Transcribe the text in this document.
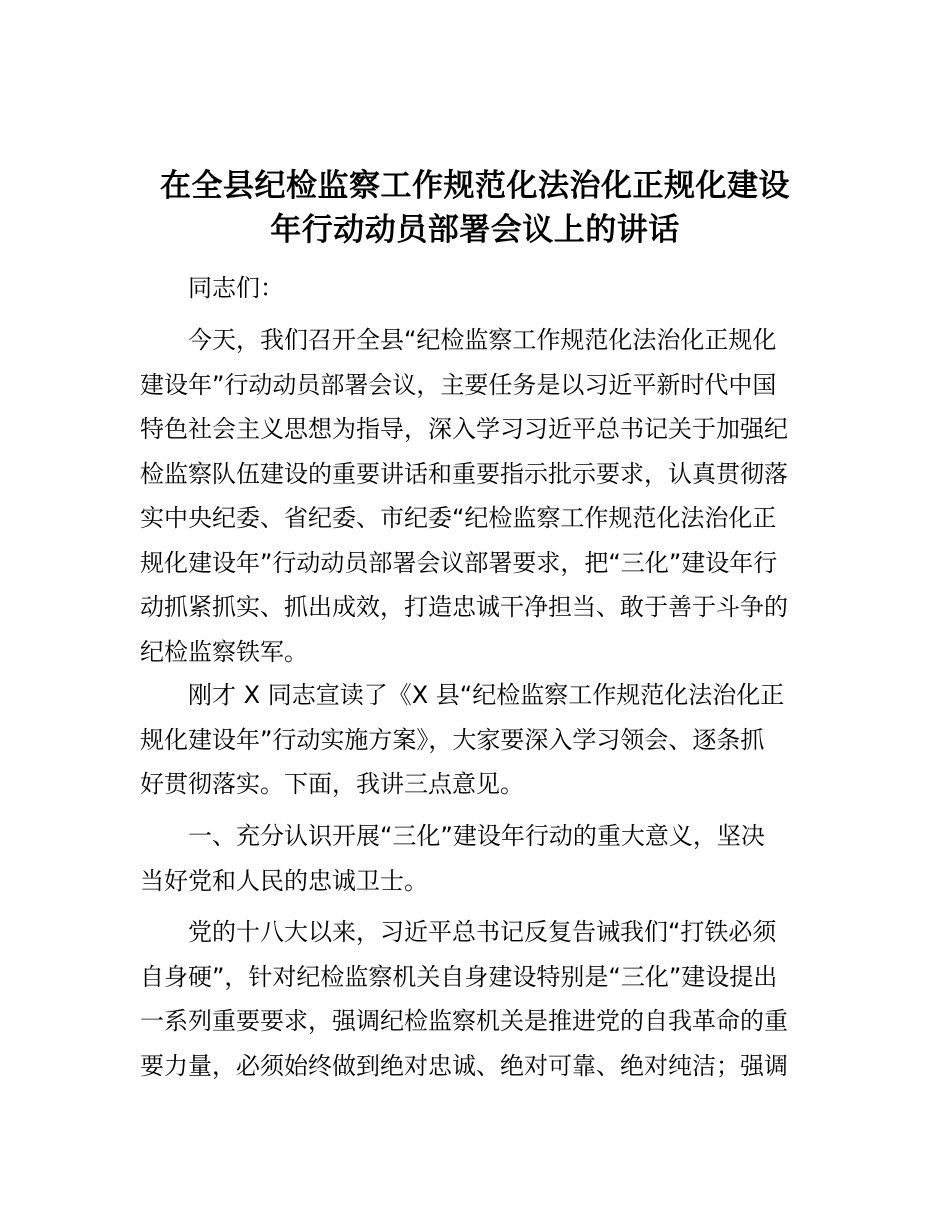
在全县纪检监察工作规范化法治化正规化建设
年行动动员部署会议上的讲话

同志们：

今天，我们召开全县“纪检监察工作规范化法治化正规化
建设年”行动动员部署会议，主要任务是以习近平新时代中国
特色社会主义思想为指导，深入学习习近平总书记关于加强纪
检监察队伍建设的重要讲话和重要指示批示要求，认真贯彻落
实中央纪委、省纪委、市纪委“纪检监察工作规范化法治化正
规化建设年”行动动员部署会议部署要求，把“三化”建设年行
动抓紧抓实、抓出成效，打造忠诚干净担当、敢于善于斗争的
纪检监察铁军。

刚才 X 同志宣读了《X 县“纪检监察工作规范化法治化正
规化建设年”行动实施方案》，大家要深入学习领会、逐条抓
好贯彻落实。下面，我讲三点意见。

一、充分认识开展“三化”建设年行动的重大意义，坚决
当好党和人民的忠诚卫士。

党的十八大以来，习近平总书记反复告诫我们“打铁必须
自身硬”，针对纪检监察机关自身建设特别是“三化”建设提出
一系列重要要求，强调纪检监察机关是推进党的自我革命的重
要力量，必须始终做到绝对忠诚、绝对可靠、绝对纯洁；强调
